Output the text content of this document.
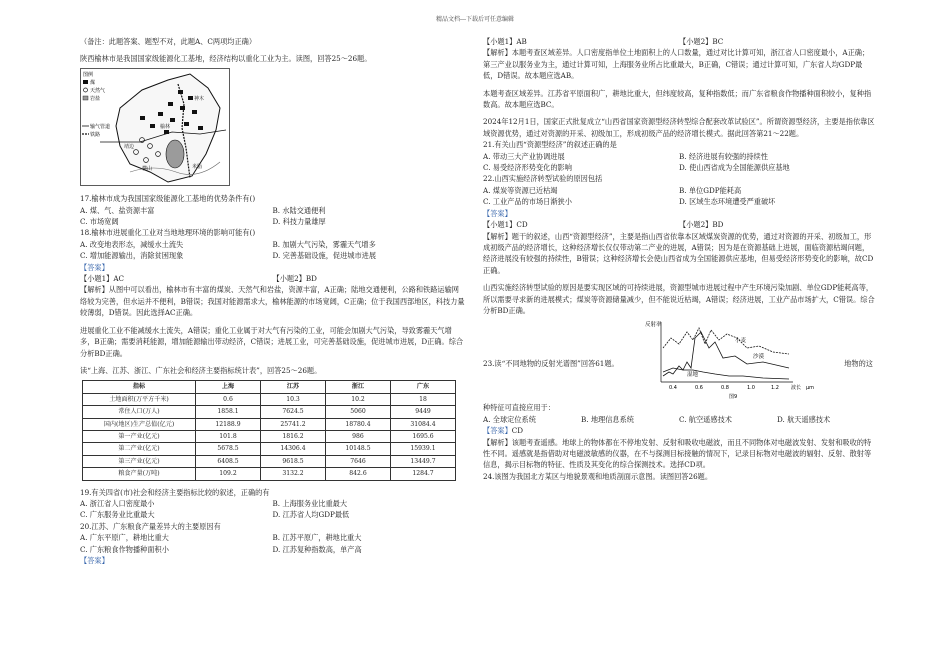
精品文档---下载后可任意编辑

（备注：此题答案、题型不对，此题A、C两项均正确）

陕西榆林市是我国国家级能源化工基地，经济结构以重化工业为主。读图，回答25～26题。

图例
煤
天然气
岩盐
输气管道
铁路
神木
榆林
靖边
横山	米脂

17.榆林市成为我国国家级能源化工基地的优势条件有()

A. 煤、气、盐资源丰富	B. 水陆交通便利
C. 市场宽阔	D. 科技力量雄厚

18.榆林市进展重化工业对当地地理环境的影响可能有()

A. 改变地表形态，减缓水土流失	B. 加剧大气污染，雾霾天气增多
C. 增加能源输出，消除贫困现象	D. 完善基础设施，促进城市进展

【答案】

【小题1】AC	【小题2】BD

【解析】从图中可以看出，榆林市有丰富的煤炭、天然气和岩盐，资源丰富，A正确；陆地交通便利，公路和铁路运输网络较为完善，但水运并不便利，B错误；我国对能源需求大，榆林能源的市场宽阔，C正确；位于我国西部地区，科技力量较薄弱，D错误。因此选择AC正确。

进展重化工业不能减缓水土流失，A错误；重化工业属于对大气有污染的工业，可能会加剧大气污染，导致雾霾天气增多，B正确；需要消耗能源，增加能源输出带动经济，C错误；进展工业，可完善基础设施，促进城市进展，D正确。综合分析BD正确。

读“上海、江苏、浙江、广东社会和经济主要指标统计表”，回答25～26题。

指标	上海	江苏	浙江	广东
土地面积(万平方千米)	0.6	10.3	10.2	18
常住人口(万人)	1858.1	7624.5	5060	9449
国内(地区)生产总值(亿元)	12188.9	25741.2	18780.4	31084.4
第一产业(亿元)	101.8	1816.2	986	1695.6
第二产业(亿元)	5678.5	14306.4	10148.5	15939.1
第三产业(亿元)	6408.5	9618.5	7646	13449.7
粮食产量(万吨)	109.2	3132.2	842.6	1284.7

19.有关四省(市)社会和经济主要指标比较的叙述，正确的有

A. 浙江省人口密度最小	B. 上海服务业比重最大
C. 广东服务业比重最大	D. 江苏省人均GDP最低

20.江苏、广东粮食产量差异大的主要原因有

A. 广东平原广，耕地比重大	B. 江苏平原广，耕地比重大
C. 广东粮食作物播种面积小	D. 江苏复种指数高，单产高

【答案】

【小题1】AB	【小题2】BC

【解析】本题考查区域差异。人口密度指单位土地面积上的人口数量，通过对比计算可知，浙江省人口密度最小，A正确；第三产业以服务业为主，通过计算可知，上海服务业所占比重最大，B正确，C错误；通过计算可知，广东省人均GDP最低，D错误。故本题应选AB。

本题考查区域差异。江苏省平原面积广，耕地比重大，但纬度较高，复种指数低；而广东省粮食作物播种面积较小，复种指数高。故本题应选BC。

2024年12月1日，国家正式批复成立“山西省国家资源型经济转型综合配套改革试验区”。所谓资源型经济，主要是指依靠区域资源优势，通过对资源的开采、初级加工，形成初级产品的经济增长模式。据此回答第21～22题。

21.有关山西“资源型经济”的叙述正确的是

A. 带动三大产业协调进展	B. 经济进展有较强的持续性
C. 易受经济形势变化的影响	D. 使山西省成为全国能源供应基地

22.山西实施经济转型试验的原因包括

A. 煤炭等资源已近枯竭	B. 单位GDP能耗高
C. 工业产品的市场日渐狭小	D. 区域生态环境遭受严重破坏

【答案】

【小题1】CD	【小题2】BD

【解析】题干的叙述，山西“资源型经济”，主要是指山西省依靠本区域煤炭资源的优势，通过对资源的开采、初级加工，形成初级产品的经济增长，这种经济增长仅仅带动第二产业的进展，A错误；因为是在资源基础上进展，面临资源枯竭问题，经济进展没有较强的持续性，B错误；这种经济增长会使山西省成为全国能源供应基地，但易受经济形势变化的影响，故CD正确。

山西实施经济转型试验的原因是要实现区域的可持续进展，资源型城市进展过程中产生环境污染加剧、单位GDP能耗高等，所以需要寻求新的进展模式；煤炭等资源储量减少，但不能说近枯竭，A错误；经济进展，工业产品市场扩大，C错误。综合分析BD正确。

23.读“不同地物的反射光谱图”回答61题。	地物的这

反射率
小麦
沙漠
湿地
0.4	0.6	0.8	1.0	1.2 波长 μm
图9

种特征可直接应用于：

A. 全球定位系统	B. 地理信息系统	C. 航空遥感技术	D. 航天遥感技术

【答案】CD

【解析】该题考查遥感。地球上的物体都在不停地发射、反射和吸收电磁波，而且不同物体对电磁波发射、发射和吸收的特性不同。遥感就是指借助对电磁波敏感的仪器，在不与探测目标接触的情况下，记录目标物对电磁波的辐射、反射、散射等信息，揭示目标物的特征、性质及其变化的综合探测技术。选择CD项。

24.该图为我国北方某区与地貌景观和地质剖面示意图。读图回答26题。
